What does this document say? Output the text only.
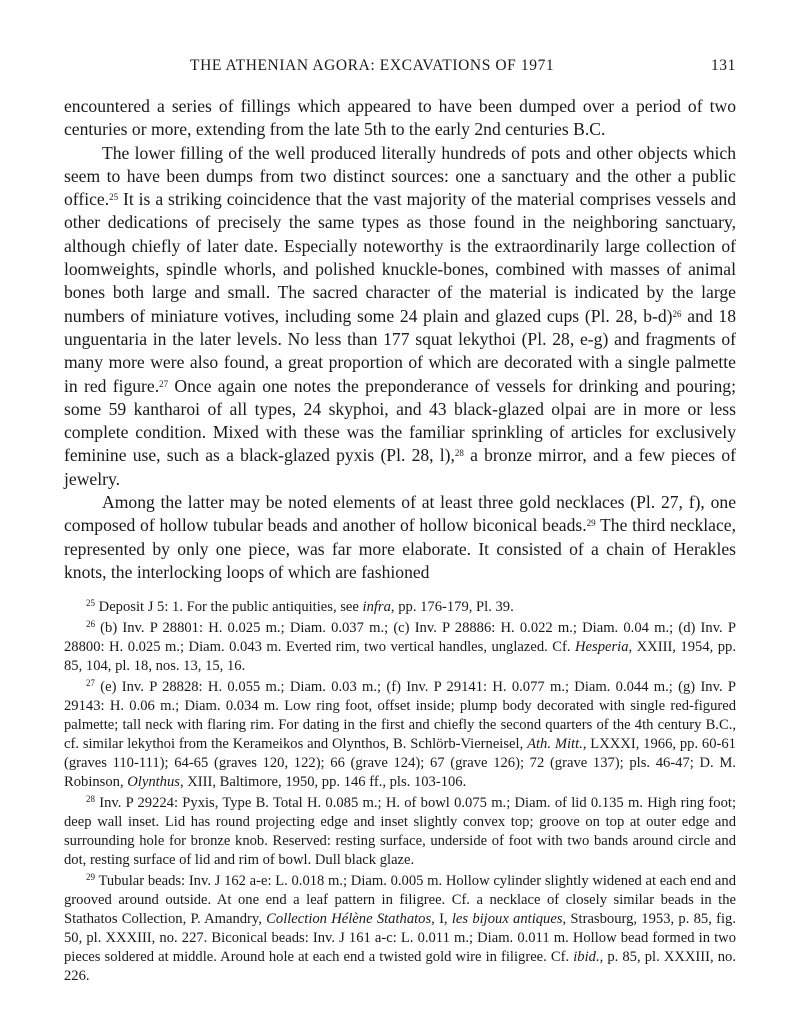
THE ATHENIAN AGORA: EXCAVATIONS OF 1971	131

encountered a series of fillings which appeared to have been dumped over a period of two centuries or more, extending from the late 5th to the early 2nd centuries B.C.

The lower filling of the well produced literally hundreds of pots and other objects which seem to have been dumps from two distinct sources: one a sanctuary and the other a public office.$^{25}$ It is a striking coincidence that the vast majority of the material comprises vessels and other dedications of precisely the same types as those found in the neighboring sanctuary, although chiefly of later date. Especially noteworthy is the extraordinarily large collection of loomweights, spindle whorls, and polished knuckle-bones, combined with masses of animal bones both large and small. The sacred character of the material is indicated by the large numbers of miniature votives, including some 24 plain and glazed cups (Pl. 28, b-d)$^{26}$ and 18 unguentaria in the later levels. No less than 177 squat lekythoi (Pl. 28, e-g) and fragments of many more were also found, a great proportion of which are decorated with a single palmette in red figure.$^{27}$ Once again one notes the preponderance of vessels for drinking and pouring; some 59 kantharoi of all types, 24 skyphoi, and 43 black-glazed olpai are in more or less complete condition. Mixed with these was the familiar sprinkling of articles for exclusively feminine use, such as a black-glazed pyxis (Pl. 28, l),$^{28}$ a bronze mirror, and a few pieces of jewelry.

Among the latter may be noted elements of at least three gold necklaces (Pl. 27, f), one composed of hollow tubular beads and another of hollow biconical beads.$^{29}$ The third necklace, represented by only one piece, was far more elaborate. It consisted of a chain of Herakles knots, the interlocking loops of which are fashioned

$^{25}$ Deposit J 5: 1. For the public antiquities, see infra, pp. 176-179, Pl. 39.

$^{26}$ (b) Inv. P 28801: H. 0.025 m.; Diam. 0.037 m.; (c) Inv. P 28886: H. 0.022 m.; Diam. 0.04 m.; (d) Inv. P 28800: H. 0.025 m.; Diam. 0.043 m. Everted rim, two vertical handles, unglazed. Cf. Hesperia, XXIII, 1954, pp. 85, 104, pl. 18, nos. 13, 15, 16.

$^{27}$ (e) Inv. P 28828: H. 0.055 m.; Diam. 0.03 m.; (f) Inv. P 29141: H. 0.077 m.; Diam. 0.044 m.; (g) Inv. P 29143: H. 0.06 m.; Diam. 0.034 m. Low ring foot, offset inside; plump body decorated with single red-figured palmette; tall neck with flaring rim. For dating in the first and chiefly the second quarters of the 4th century B.C., cf. similar lekythoi from the Kerameikos and Olynthos, B. Schlörb-Vierneisel, Ath. Mitt., LXXXI, 1966, pp. 60-61 (graves 110-111); 64-65 (graves 120, 122); 66 (grave 124); 67 (grave 126); 72 (grave 137); pls. 46-47; D. M. Robinson, Olynthus, XIII, Baltimore, 1950, pp. 146 ff., pls. 103-106.

$^{28}$ Inv. P 29224: Pyxis, Type B. Total H. 0.085 m.; H. of bowl 0.075 m.; Diam. of lid 0.135 m. High ring foot; deep wall inset. Lid has round projecting edge and inset slightly convex top; groove on top at outer edge and surrounding hole for bronze knob. Reserved: resting surface, underside of foot with two bands around circle and dot, resting surface of lid and rim of bowl. Dull black glaze.

$^{29}$ Tubular beads: Inv. J 162 a-e: L. 0.018 m.; Diam. 0.005 m. Hollow cylinder slightly widened at each end and grooved around outside. At one end a leaf pattern in filigree. Cf. a necklace of closely similar beads in the Stathatos Collection, P. Amandry, Collection Hélène Stathatos, I, les bijoux antiques, Strasbourg, 1953, p. 85, fig. 50, pl. XXXIII, no. 227. Biconical beads: Inv. J 161 a-c: L. 0.011 m.; Diam. 0.011 m. Hollow bead formed in two pieces soldered at middle. Around hole at each end a twisted gold wire in filigree. Cf. ibid., p. 85, pl. XXXIII, no. 226.
